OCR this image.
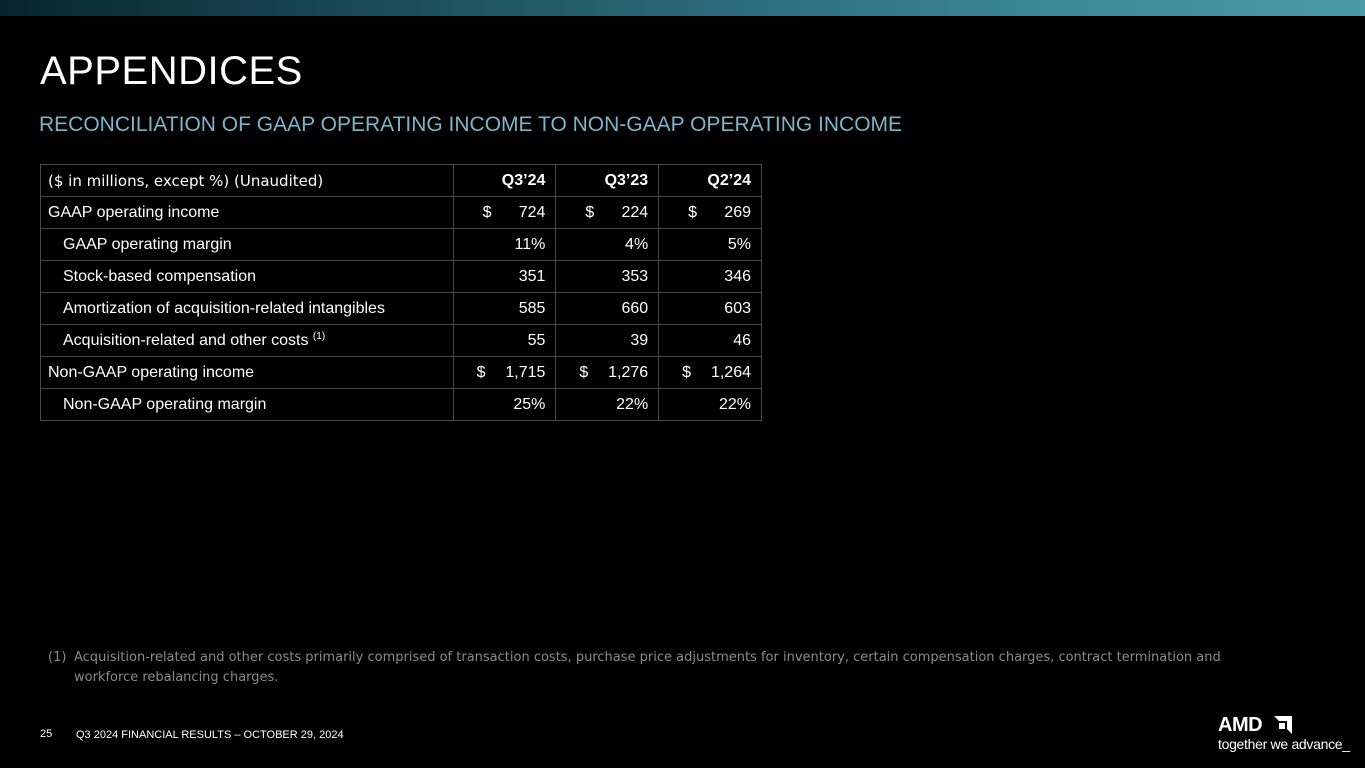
APPENDICES
RECONCILIATION OF GAAP OPERATING INCOME TO NON-GAAP OPERATING INCOME
($ in millions, except %) (Unaudited)	Q3’24	Q3’23	Q2’24
GAAP operating income	$ 724	$ 224	$ 269
GAAP operating margin	11%	4%	5%
Stock-based compensation	351	353	346
Amortization of acquisition-related intangibles	585	660	603
Acquisition-related and other costs $^{(1)}$	55	39	46
Non-GAAP operating income	$ 1,715	$ 1,276	$ 1,264
Non-GAAP operating margin	25%	22%	22%
(1) Acquisition-related and other costs primarily comprised of transaction costs, purchase price adjustments for inventory, certain compensation charges, contract termination and workforce rebalancing charges.
25 Q3 2024 FINANCIAL RESULTS – OCTOBER 29, 2024	AMD
together we advance_
